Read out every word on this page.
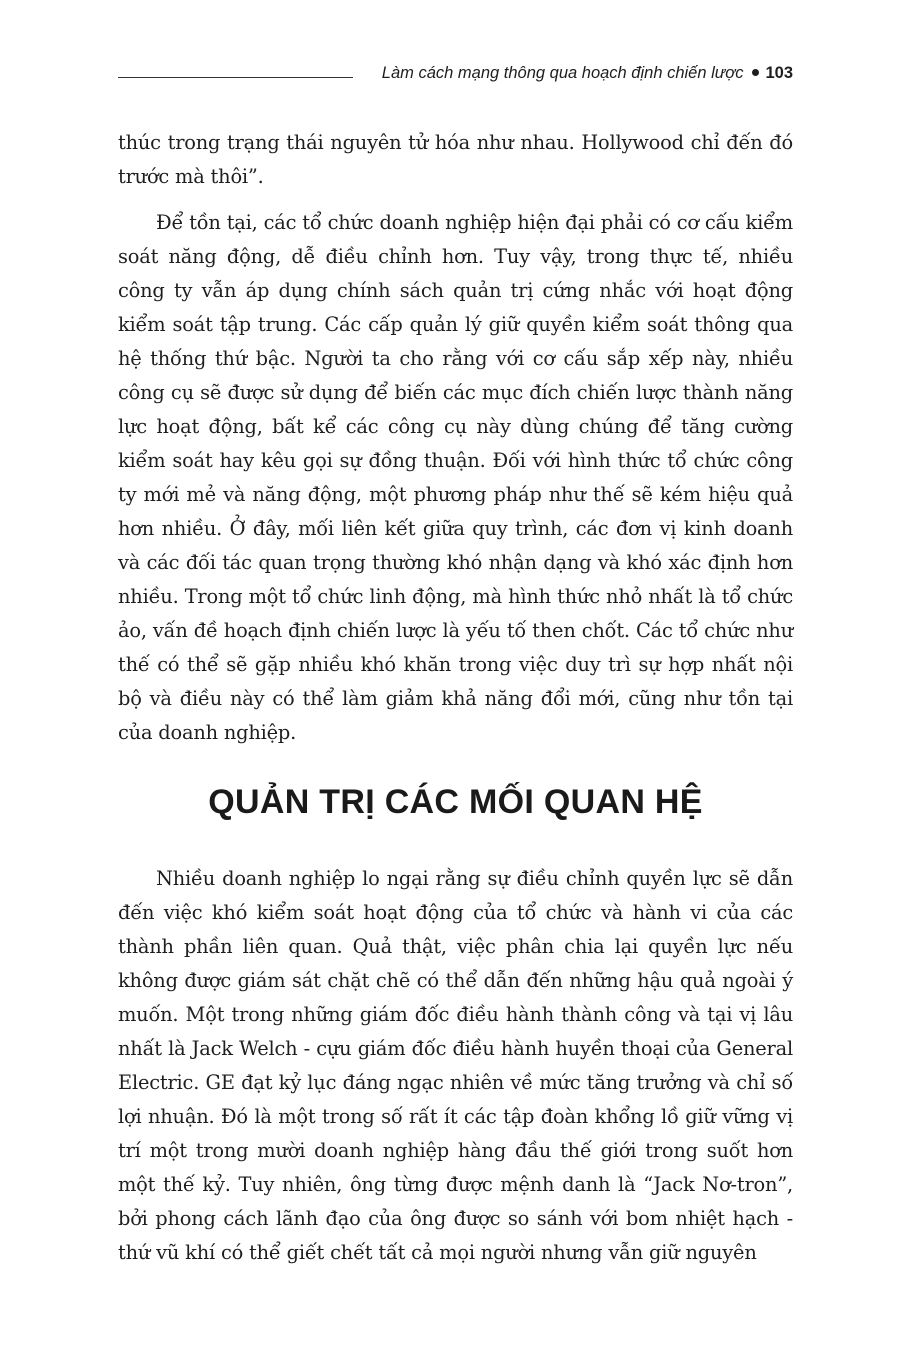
Làm cách mạng thông qua hoạch định chiến lược 103

thúc trong trạng thái nguyên tử hóa như nhau. Hollywood chỉ đến đó trước mà thôi”.

Để tồn tại, các tổ chức doanh nghiệp hiện đại phải có cơ cấu kiểm soát năng động, dễ điều chỉnh hơn. Tuy vậy, trong thực tế, nhiều công ty vẫn áp dụng chính sách quản trị cứng nhắc với hoạt động kiểm soát tập trung. Các cấp quản lý giữ quyền kiểm soát thông qua hệ thống thứ bậc. Người ta cho rằng với cơ cấu sắp xếp này, nhiều công cụ sẽ được sử dụng để biến các mục đích chiến lược thành năng lực hoạt động, bất kể các công cụ này dùng chúng để tăng cường kiểm soát hay kêu gọi sự đồng thuận. Đối với hình thức tổ chức công ty mới mẻ và năng động, một phương pháp như thế sẽ kém hiệu quả hơn nhiều. Ở đây, mối liên kết giữa quy trình, các đơn vị kinh doanh và các đối tác quan trọng thường khó nhận dạng và khó xác định hơn nhiều. Trong một tổ chức linh động, mà hình thức nhỏ nhất là tổ chức ảo, vấn đề hoạch định chiến lược là yếu tố then chốt. Các tổ chức như thế có thể sẽ gặp nhiều khó khăn trong việc duy trì sự hợp nhất nội bộ và điều này có thể làm giảm khả năng đổi mới, cũng như tồn tại của doanh nghiệp.

QUẢN TRỊ CÁC MỐI QUAN HỆ

Nhiều doanh nghiệp lo ngại rằng sự điều chỉnh quyền lực sẽ dẫn đến việc khó kiểm soát hoạt động của tổ chức và hành vi của các thành phần liên quan. Quả thật, việc phân chia lại quyền lực nếu không được giám sát chặt chẽ có thể dẫn đến những hậu quả ngoài ý muốn. Một trong những giám đốc điều hành thành công và tại vị lâu nhất là Jack Welch - cựu giám đốc điều hành huyền thoại của General Electric. GE đạt kỷ lục đáng ngạc nhiên về mức tăng trưởng và chỉ số lợi nhuận. Đó là một trong số rất ít các tập đoàn khổng lồ giữ vững vị trí một trong mười doanh nghiệp hàng đầu thế giới trong suốt hơn một thế kỷ. Tuy nhiên, ông từng được mệnh danh là “Jack Nơ-tron”, bởi phong cách lãnh đạo của ông được so sánh với bom nhiệt hạch - thứ vũ khí có thể giết chết tất cả mọi người nhưng vẫn giữ nguyên
